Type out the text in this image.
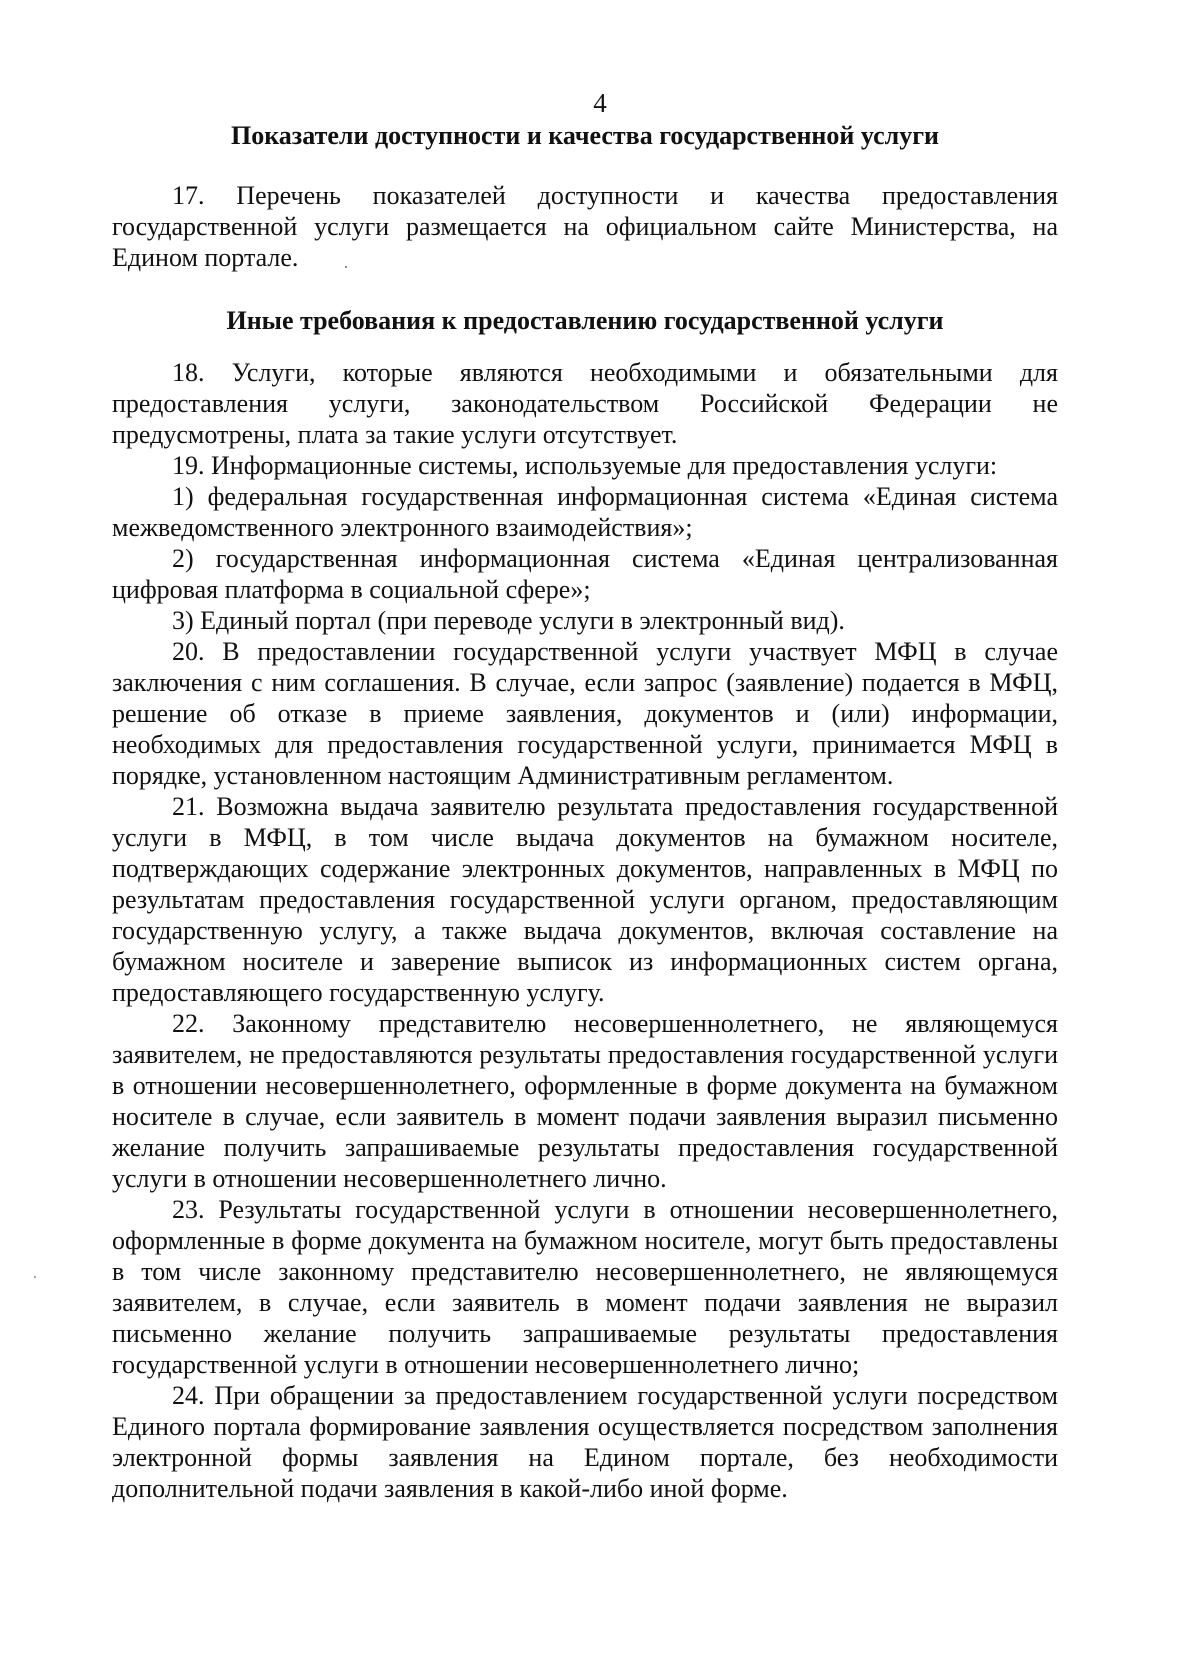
4
Показатели доступности и качества государственной услуги

17. Перечень показателей доступности и качества предоставления государственной услуги размещается на официальном сайте Министерства, на Едином портале.

Иные требования к предоставлению государственной услуги

18. Услуги, которые являются необходимыми и обязательными для предоставления услуги, законодательством Российской Федерации не предусмотрены, плата за такие услуги отсутствует.

19. Информационные системы, используемые для предоставления услуги:

1) федеральная государственная информационная система «Единая система межведомственного электронного взаимодействия»;

2) государственная информационная система «Единая централизованная цифровая платформа в социальной сфере»;

3) Единый портал (при переводе услуги в электронный вид).

20. В предоставлении государственной услуги участвует МФЦ в случае заключения с ним соглашения. В случае, если запрос (заявление) подается в МФЦ, решение об отказе в приеме заявления, документов и (или) информации, необходимых для предоставления государственной услуги, принимается МФЦ в порядке, установленном настоящим Административным регламентом.

21. Возможна выдача заявителю результата предоставления государственной услуги в МФЦ, в том числе выдача документов на бумажном носителе, подтверждающих содержание электронных документов, направленных в МФЦ по результатам предоставления государственной услуги органом, предоставляющим государственную услугу, а также выдача документов, включая составление на бумажном носителе и заверение выписок из информационных систем органа, предоставляющего государственную услугу.

22. Законному представителю несовершеннолетнего, не являющемуся заявителем, не предоставляются результаты предоставления государственной услуги в отношении несовершеннолетнего, оформленные в форме документа на бумажном носителе в случае, если заявитель в момент подачи заявления выразил письменно желание получить запрашиваемые результаты предоставления государственной услуги в отношении несовершеннолетнего лично.

23. Результаты государственной услуги в отношении несовершеннолетнего, оформленные в форме документа на бумажном носителе, могут быть предоставлены в том числе законному представителю несовершеннолетнего, не являющемуся заявителем, в случае, если заявитель в момент подачи заявления не выразил письменно желание получить запрашиваемые результаты предоставления государственной услуги в отношении несовершеннолетнего лично;

24. При обращении за предоставлением государственной услуги посредством Единого портала формирование заявления осуществляется посредством заполнения электронной формы заявления на Едином портале, без необходимости дополнительной подачи заявления в какой-либо иной форме.
